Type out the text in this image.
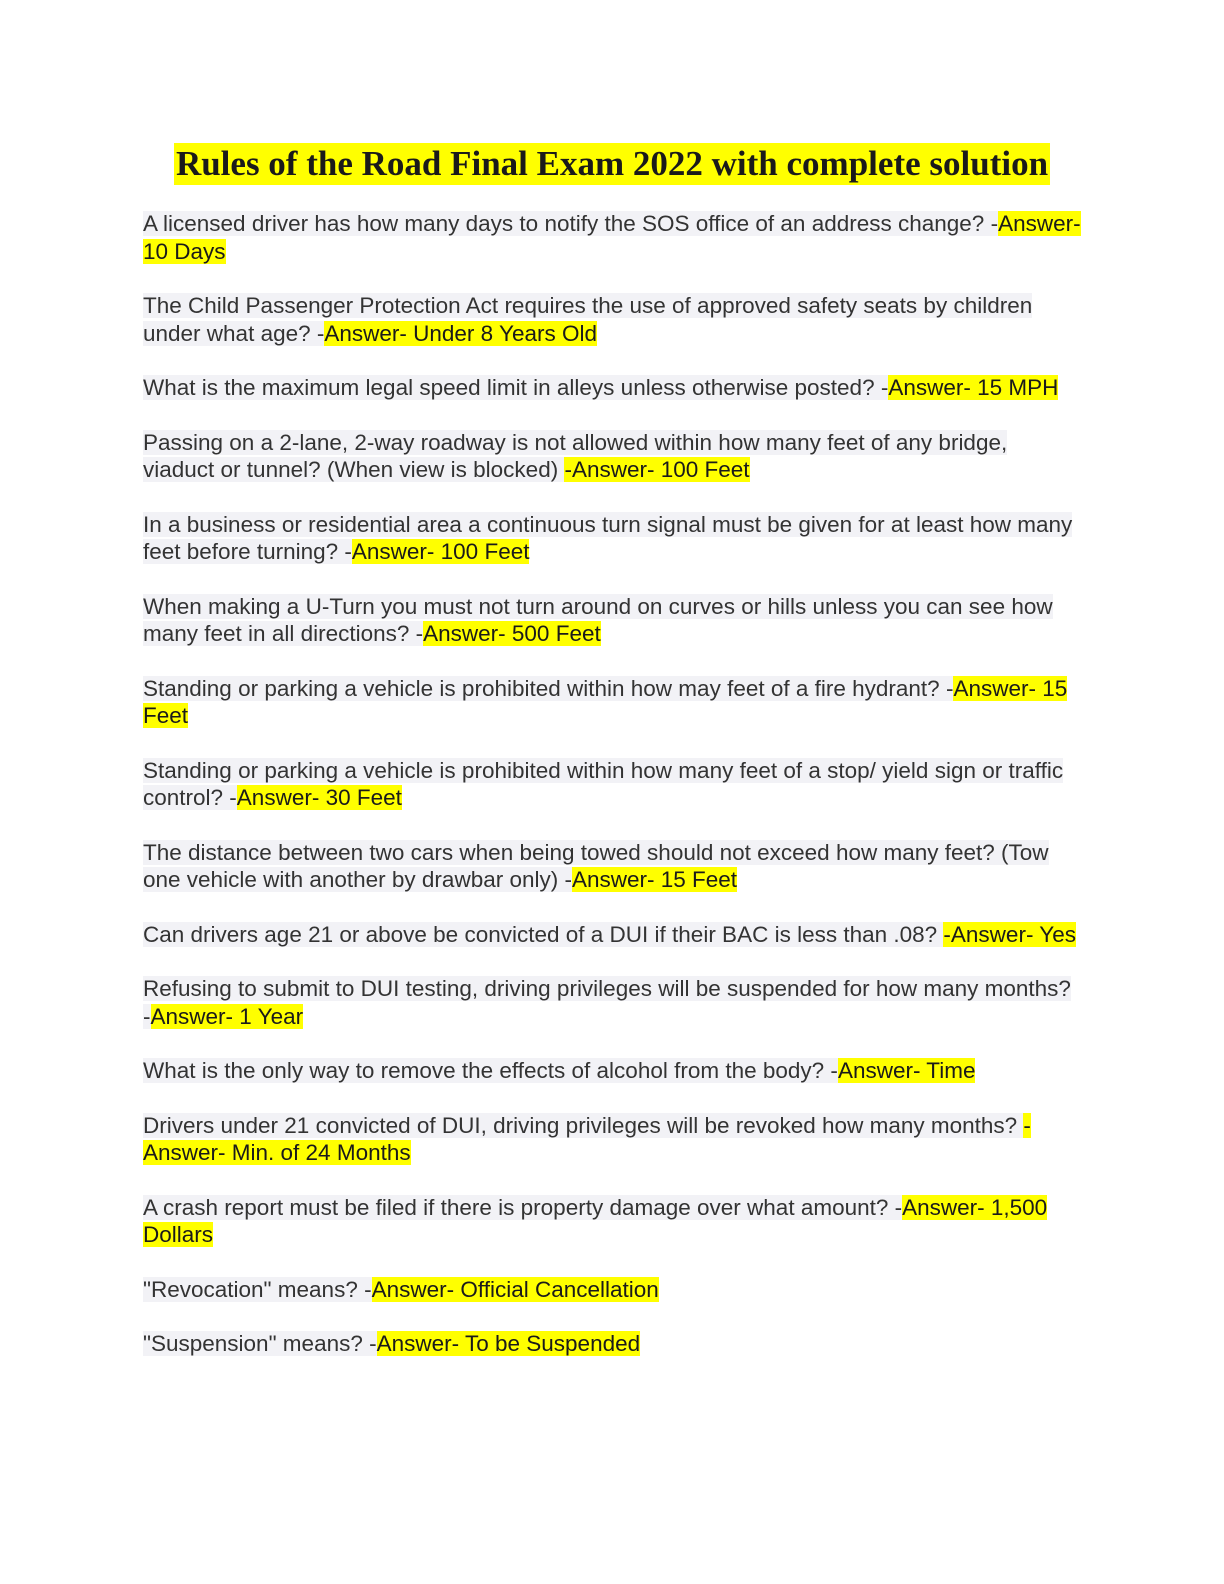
Rules of the Road Final Exam 2022 with complete solution
A licensed driver has how many days to notify the SOS office of an address change? -Answer- 10 Days
The Child Passenger Protection Act requires the use of approved safety seats by children under what age? -Answer- Under 8 Years Old
What is the maximum legal speed limit in alleys unless otherwise posted? -Answer- 15 MPH
Passing on a 2-lane, 2-way roadway is not allowed within how many feet of any bridge, viaduct or tunnel? (When view is blocked) -Answer- 100 Feet
In a business or residential area a continuous turn signal must be given for at least how many feet before turning? -Answer- 100 Feet
When making a U-Turn you must not turn around on curves or hills unless you can see how many feet in all directions? -Answer- 500 Feet
Standing or parking a vehicle is prohibited within how may feet of a fire hydrant? -Answer- 15 Feet
Standing or parking a vehicle is prohibited within how many feet of a stop/ yield sign or traffic control? -Answer- 30 Feet
The distance between two cars when being towed should not exceed how many feet? (Tow one vehicle with another by drawbar only) -Answer- 15 Feet
Can drivers age 21 or above be convicted of a DUI if their BAC is less than .08? -Answer- Yes
Refusing to submit to DUI testing, driving privileges will be suspended for how many months? -Answer- 1 Year
What is the only way to remove the effects of alcohol from the body? -Answer- Time
Drivers under 21 convicted of DUI, driving privileges will be revoked how many months? -Answer- Min. of 24 Months
A crash report must be filed if there is property damage over what amount? -Answer- 1,500 Dollars
"Revocation" means? -Answer- Official Cancellation
"Suspension" means? -Answer- To be Suspended
